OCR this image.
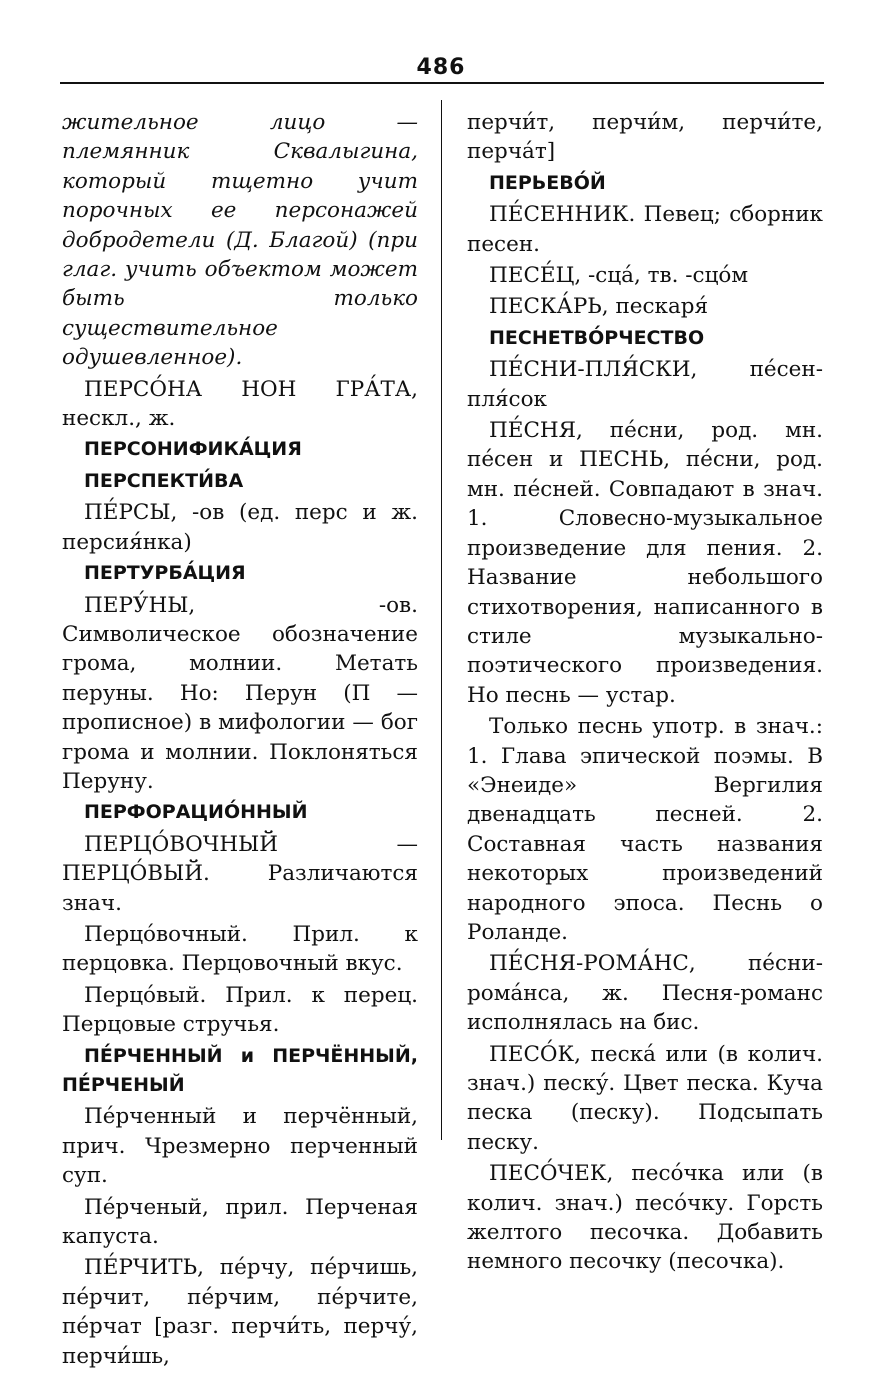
486

жительное лицо — племянник Сквалыгина, который тщетно учит порочных ее персонажей добродетели (Д. Благой) (при глаг. учить объектом может быть только существительное одушевленное).

ПЕРСО́НА НОН ГРА́ТА, нескл., ж.

ПЕРСОНИФИКА́ЦИЯ

ПЕРСПЕКТИ́ВА

ПЕ́РСЫ, -ов (ед. перс и ж. персия́нка)

ПЕРТУРБА́ЦИЯ

ПЕРУ́НЫ, -ов. Символическое обозначение грома, молнии. Метать перуны. Но: Перун (П — прописное) в мифологии — бог грома и молнии. Поклоняться Перуну.

ПЕРФОРАЦИО́ННЫЙ

ПЕРЦО́ВОЧНЫЙ — ПЕРЦО́ВЫЙ. Различаются знач.

Перцо́вочный. Прил. к перцовка. Перцовочный вкус.

Перцо́вый. Прил. к перец. Перцовые стручья.

ПЕ́РЧЕННЫЙ и ПЕРЧЁННЫЙ, ПЕ́РЧЕНЫЙ

Пе́рченный и перчённый, прич. Чрезмерно перченный суп.

Пе́рченый, прил. Перченая капуста.

ПЕ́РЧИТЬ, пе́рчу, пе́рчишь, пе́рчит, пе́рчим, пе́рчите, пе́рчат [разг. перчи́ть, перчу́, перчи́шь,

перчи́т, перчи́м, перчи́те, перча́т]

ПЕРЬЕВО́Й

ПЕ́СЕННИК. Певец; сборник песен.

ПЕСЕ́Ц, -сца́, тв. -сцо́м

ПЕСКА́РЬ, пескаря́

ПЕСНЕТВО́РЧЕСТВО

ПЕ́СНИ-ПЛЯ́СКИ, пе́сен-пля́сок

ПЕ́СНЯ, пе́сни, род. мн. пе́сен и ПЕСНЬ, пе́сни, род. мн. пе́сней. Совпадают в знач. 1. Словесно-музыкальное произведение для пения. 2. Название небольшого стихотворения, написанного в стиле музыкально-поэтического произведения. Но песнь — устар.

Только песнь употр. в знач.: 1. Глава эпической поэмы. В «Энеиде» Вергилия двенадцать песней. 2. Составная часть названия некоторых произведений народного эпоса. Песнь о Роланде.

ПЕ́СНЯ-РОМА́НС, пе́сни-рома́нса, ж. Песня-романс исполнялась на бис.

ПЕСО́К, песка́ или (в колич. знач.) песку́. Цвет песка. Куча песка (песку). Подсыпать песку.

ПЕСО́ЧЕК, песо́чка или (в колич. знач.) песо́чку. Горсть желтого песочка. Добавить немного песочку (песочка).
